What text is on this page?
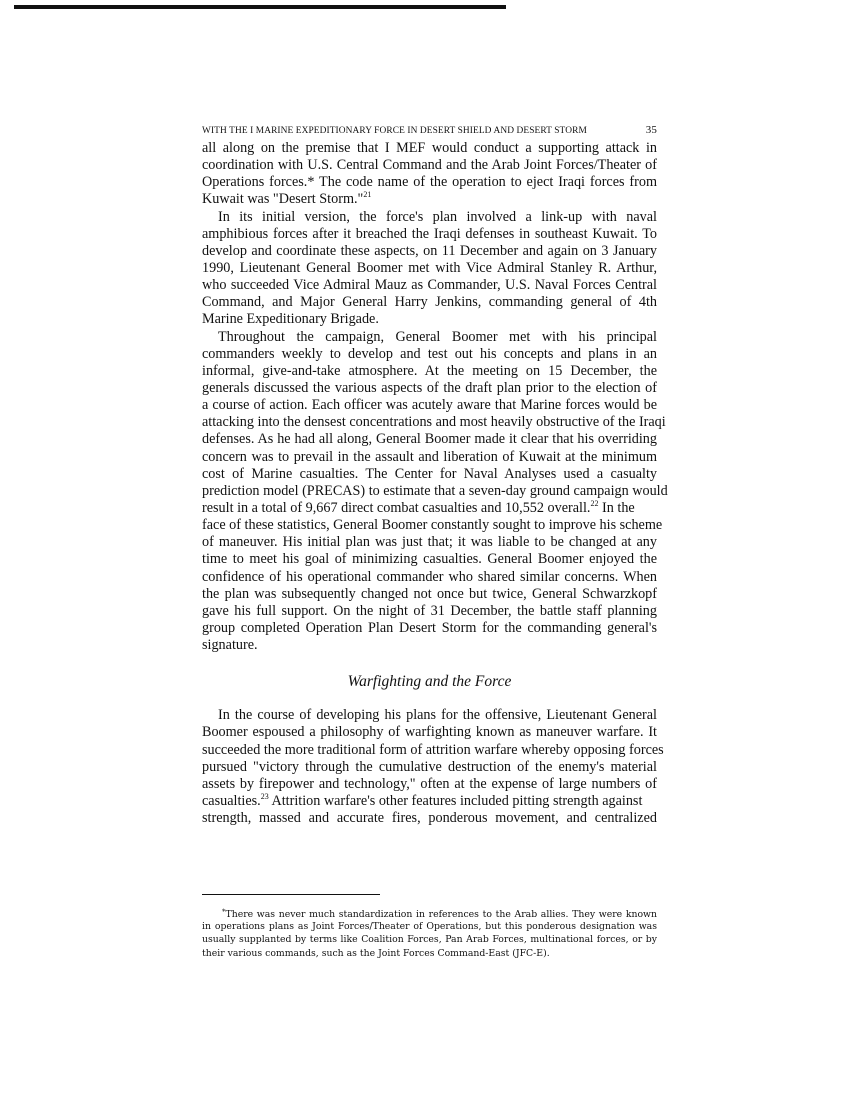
WITH THE I MARINE EXPEDITIONARY FORCE IN DESERT SHIELD AND DESERT STORM	35
all along on the premise that I MEF would conduct a supporting attack in
coordination with U.S. Central Command and the Arab Joint Forces/Theater of
Operations forces.* The code name of the operation to eject Iraqi forces from
Kuwait was "Desert Storm."$^{21}$
In its initial version, the force's plan involved a link-up with naval
amphibious forces after it breached the Iraqi defenses in southeast Kuwait. To
develop and coordinate these aspects, on 11 December and again on 3 January
1990, Lieutenant General Boomer met with Vice Admiral Stanley R. Arthur,
who succeeded Vice Admiral Mauz as Commander, U.S. Naval Forces Central
Command, and Major General Harry Jenkins, commanding general of 4th
Marine Expeditionary Brigade.
Throughout the campaign, General Boomer met with his principal
commanders weekly to develop and test out his concepts and plans in an
informal, give-and-take atmosphere. At the meeting on 15 December, the
generals discussed the various aspects of the draft plan prior to the election of
a course of action. Each officer was acutely aware that Marine forces would be
attacking into the densest concentrations and most heavily obstructive of the Iraqi
defenses. As he had all along, General Boomer made it clear that his overriding
concern was to prevail in the assault and liberation of Kuwait at the minimum
cost of Marine casualties. The Center for Naval Analyses used a casualty
prediction model (PRECAS) to estimate that a seven-day ground campaign would
result in a total of 9,667 direct combat casualties and 10,552 overall.$^{22}$ In the
face of these statistics, General Boomer constantly sought to improve his scheme
of maneuver. His initial plan was just that; it was liable to be changed at any
time to meet his goal of minimizing casualties. General Boomer enjoyed the
confidence of his operational commander who shared similar concerns. When
the plan was subsequently changed not once but twice, General Schwarzkopf
gave his full support. On the night of 31 December, the battle staff planning
group completed Operation Plan Desert Storm for the commanding general's
signature.
Warfighting and the Force
In the course of developing his plans for the offensive, Lieutenant General
Boomer espoused a philosophy of warfighting known as maneuver warfare. It
succeeded the more traditional form of attrition warfare whereby opposing forces
pursued "victory through the cumulative destruction of the enemy's material
assets by firepower and technology," often at the expense of large numbers of
casualties.$^{23}$ Attrition warfare's other features included pitting strength against
strength, massed and accurate fires, ponderous movement, and centralized
*There was never much standardization in references to the Arab allies. They were known
in operations plans as Joint Forces/Theater of Operations, but this ponderous designation was
usually supplanted by terms like Coalition Forces, Pan Arab Forces, multinational forces, or by
their various commands, such as the Joint Forces Command-East (JFC-E).
